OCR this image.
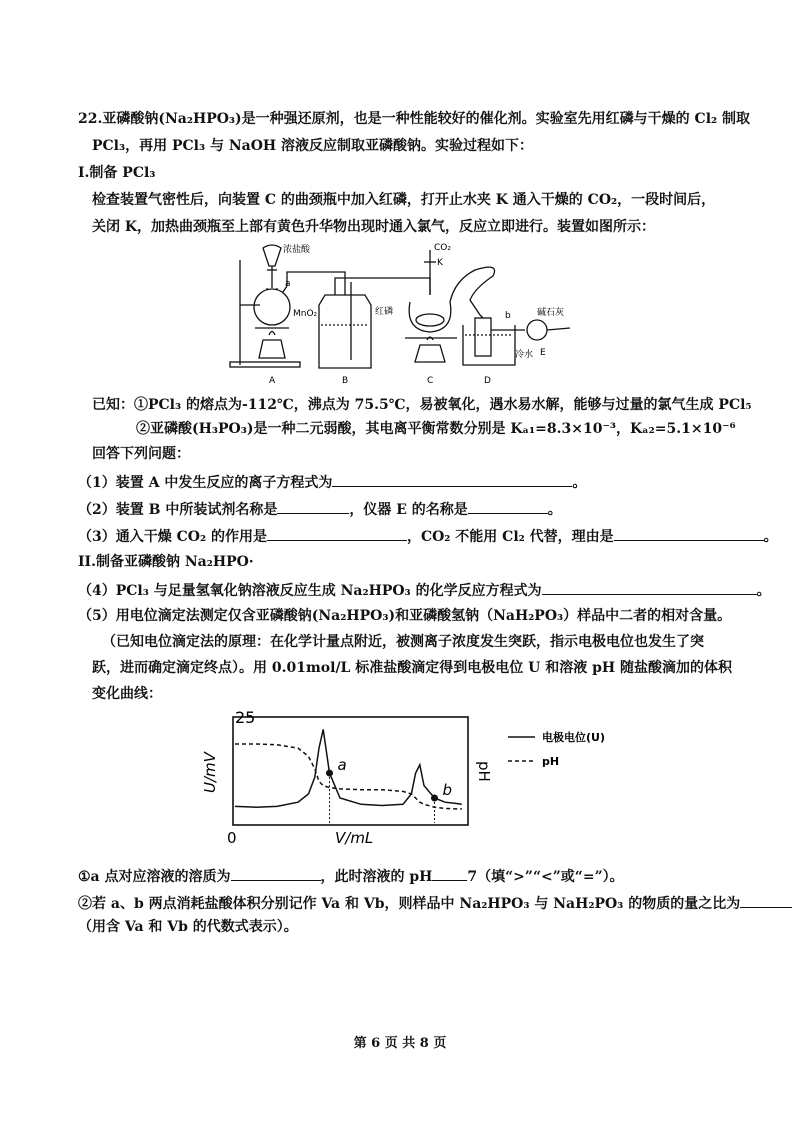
22.亚磷酸钠(Na₂HPO₃)是一种强还原剂，也是一种性能较好的催化剂。实验室先用红磷与干燥的 Cl₂ 制取
PCl₃，再用 PCl₃ 与 NaOH 溶液反应制取亚磷酸钠。实验过程如下：
I.制备 PCl₃
检查装置气密性后，向装置 C 的曲颈瓶中加入红磷，打开止水夹 K 通入干燥的 CO₂，一段时间后，
关闭 K，加热曲颈瓶至上部有黄色升华物出现时通入氯气，反应立即进行。装置如图所示：
浓盐酸
a
MnO₂
CO₂
K
红磷	b	碱石灰
冷水 E
A	B	C	D
已知：①PCl₃ 的熔点为-112℃，沸点为 75.5℃，易被氧化，遇水易水解，能够与过量的氯气生成 PCl₅
②亚磷酸(H₃PO₃)是一种二元弱酸，其电离平衡常数分别是 Kₐ₁=8.3×10⁻³，Kₐ₂=5.1×10⁻⁶
回答下列问题：
（1）装置 A 中发生反应的离子方程式为	。
（2）装置 B 中所装试剂名称是	，仪器 E 的名称是	。
（3）通入干燥 CO₂ 的作用是	，CO₂ 不能用 Cl₂ 代替，理由是	。
II.制备亚磷酸钠 Na₂HPO·
（4）PCl₃ 与足量氢氧化钠溶液反应生成 Na₂HPO₃ 的化学反应方程式为	。
（5）用电位滴定法测定仅含亚磷酸钠(Na₂HPO₃)和亚磷酸氢钠（NaH₂PO₃）样品中二者的相对含量。
（已知电位滴定法的原理：在化学计量点附近，被测离子浓度发生突跃，指示电极电位也发生了突
跃，进而确定滴定终点）。用 0.01mol/L 标准盐酸滴定得到电极电位 U 和溶液 pH 随盐酸滴加的体积
变化曲线：
25
0	V/mL
U/mV	pH
a
b
电极电位(U)
pH
①a 点对应溶液的溶质为	，此时溶液的 pH	7（填“>”“<”或“=”）。
②若 a、b 两点消耗盐酸体积分别记作 Va 和 Vb，则样品中 Na₂HPO₃ 与 NaH₂PO₃ 的物质的量之比为
（用含 Va 和 Vb 的代数式表示）。
第 6 页 共 8 页
